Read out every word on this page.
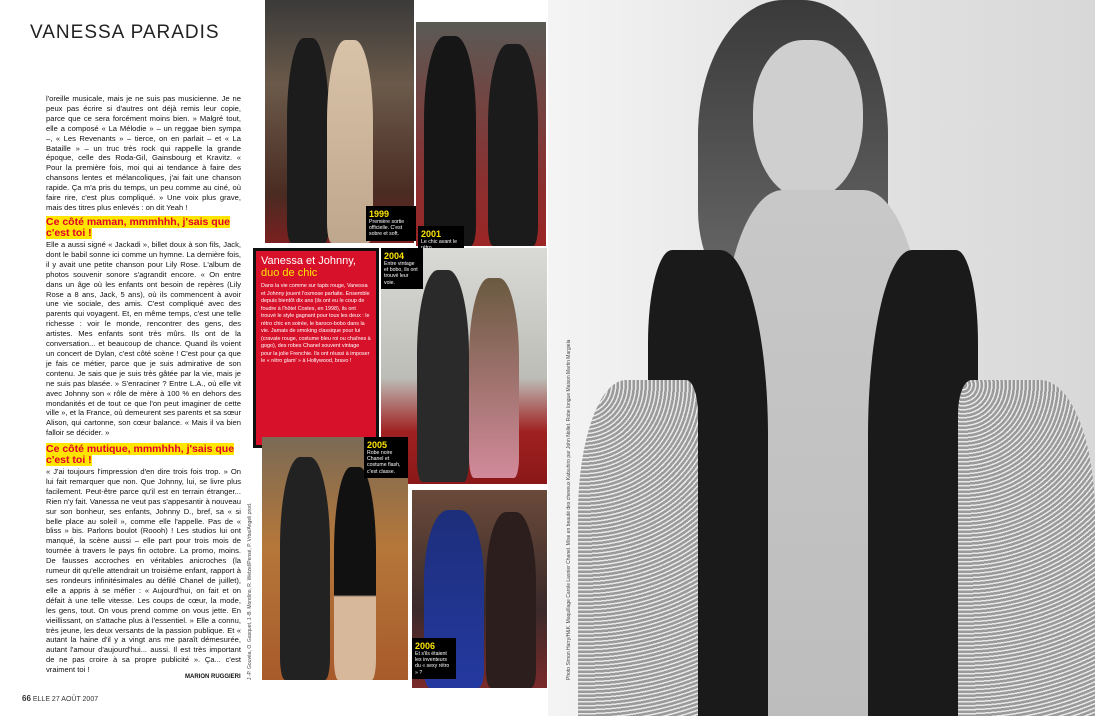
VANESSA PARADIS

l'oreille musicale, mais je ne suis pas musicienne. Je ne peux pas écrire si d'autres ont déjà remis leur copie, parce que ce sera forcément moins bien. » Malgré tout, elle a composé « La Mélodie » – un reggae bien sympa –, « Les Revenants » – tierce, on en parlait – et « La Bataille » – un truc très rock qui rappelle la grande époque, celle des Roda-Gil, Gainsbourg et Kravitz. « Pour la première fois, moi qui ai tendance à faire des chansons lentes et mélancoliques, j'ai fait une chanson rapide. Ça m'a pris du temps, un peu comme au ciné, où faire rire, c'est plus compliqué. » Une voix plus grave, mais des titres plus enlevés : on dit Yeah !

Ce côté maman, mmmhhh, j'sais que c'est toi !

Elle a aussi signé « Jackadi », billet doux à son fils, Jack, dont le babil sonne ici comme un hymne. La dernière fois, il y avait une petite chanson pour Lily Rose. L'album de photos souvenir sonore s'agrandit encore. « On entre dans un âge où les enfants ont besoin de repères (Lily Rose a 8 ans, Jack, 5 ans), où ils commencent à avoir une vie sociale, des amis. C'est compliqué avec des parents qui voyagent. Et, en même temps, c'est une telle richesse : voir le monde, rencontrer des gens, des artistes. Mes enfants sont très mûrs. Ils ont de la conversation... et beaucoup de chance. Quand ils voient un concert de Dylan, c'est côté scène ! C'est pour ça que je fais ce métier, parce que je suis admirative de son contenu. Je sais que je suis très gâtée par la vie, mais je ne suis pas blasée. » S'enraciner ? Entre L.A., où elle vit avec Johnny son « rôle de mère à 100 % en dehors des mondanités et de tout ce que l'on peut imaginer de cette ville », et la France, où demeurent ses parents et sa sœur Alison, qui cartonne, son cœur balance. « Mais il va bien falloir se décider. »

Ce côté mutique, mmmhhh, j'sais que c'est toi !

« J'ai toujours l'impression d'en dire trois fois trop. » On lui fait remarquer que non. Que Johnny, lui, se livre plus facilement. Peut-être parce qu'il est en terrain étranger... Rien n'y fait. Vanessa ne veut pas s'appesantir à nouveau sur son bonheur, ses enfants, Johnny D., bref, sa « si belle place au soleil », comme elle l'appelle. Pas de « bliss » bis. Parlons boulot (Roooh) ! Les studios lui ont manqué, la scène aussi – elle part pour trois mois de tournée à travers le pays fin octobre. La promo, moins. De fausses accroches en véritables anicroches (la rumeur dit qu'elle attendrait un troisième enfant, rapport à ses rondeurs infinitésimales au défilé Chanel de juillet), elle a appris à se méfier : « Aujourd'hui, on fait et on défait à une telle vitesse. Les coups de cœur, la mode, les gens, tout. On vous prend comme on vous jette. En vieillissant, on s'attache plus à l'essentiel. » Elle a connu, très jeune, les deux versants de la passion publique. Et « autant la haine d'il y a vingt ans me paraît démesurée, autant l'amour d'aujourd'hui... aussi. Il est très important de ne pas croire à sa propre publicité ». Ça... c'est vraiment toi !

MARION RUGGIERI
66 ELLE 27 AOÛT 2007
1999
Première sortie officielle. C'est sobre et soft.	2001
Le chic avant le
Vanessa et Johnny,
duo de chic
Dans la vie comme sur tapis rouge, Vanessa et Johnny jouent l'osmose parfaite. Ensemble depuis bientôt dix ans (ils ont eu le coup de foudre à l'hôtel Costes, en 1998), ils ont trouvé le style gagnant pour tous les deux : le rétro chic en soirée, le baroco-bobo dans la vie. Jamais de smoking classique pour lui (cravate rouge, costume bleu roi ou chaînes à gogo), des robes Chanel souvent vintage pour la jolie Frenchie. Ils ont réussi à imposer le « rétro glam' » à Hollywood, bravo !
2004
Entre vintage et bobo, ils ont trouvé leur voie.
2005
Robe noire Chanel et costume flash, c'est classe.
2006
Et s'ils étaient les inventeurs du « sexy rétro » ?
J.-P. Gouvèa, O. Gasquet, J.-B. Mondino, R. Wetzel/Pensé, P. Vrba/Angeli.prod.	Photo Simon Harry/H&K. Maquillage Carole Lasnier Chanel. Mise en beauté des cheveux Katsuhiro par John Nollet. Robe longue Maison Martin Margiela
